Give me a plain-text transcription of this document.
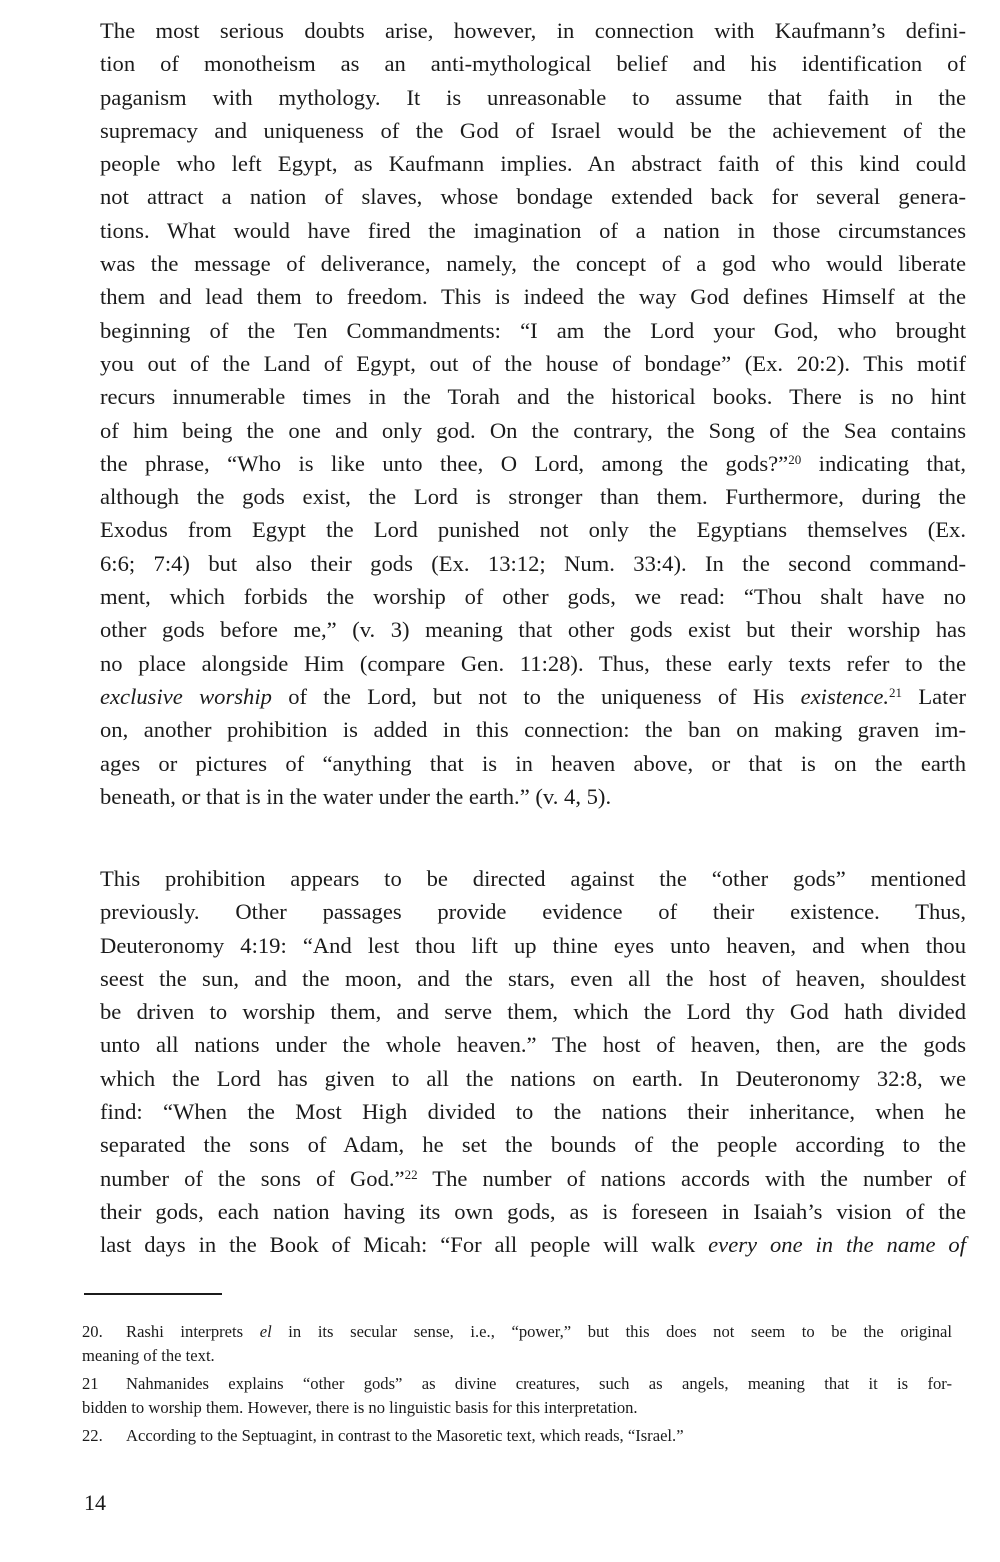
The most serious doubts arise, however, in connection with Kaufmann’s defini-
tion of monotheism as an anti-mythological belief and his identification of
paganism with mythology. It is unreasonable to assume that faith in the
supremacy and uniqueness of the God of Israel would be the achievement of the
people who left Egypt, as Kaufmann implies. An abstract faith of this kind could
not attract a nation of slaves, whose bondage extended back for several genera-
tions. What would have fired the imagination of a nation in those circumstances
was the message of deliverance, namely, the concept of a god who would liberate
them and lead them to freedom. This is indeed the way God defines Himself at the
beginning of the Ten Commandments: “I am the Lord your God, who brought
you out of the Land of Egypt, out of the house of bondage” (Ex. 20:2). This motif
recurs innumerable times in the Torah and the historical books. There is no hint
of him being the one and only god. On the contrary, the Song of the Sea contains
the phrase, “Who is like unto thee, O Lord, among the gods?”$^{20}$ indicating that,
although the gods exist, the Lord is stronger than them. Furthermore, during the
Exodus from Egypt the Lord punished not only the Egyptians themselves (Ex.
6:6; 7:4) but also their gods (Ex. 13:12; Num. 33:4). In the second command-
ment, which forbids the worship of other gods, we read: “Thou shalt have no
other gods before me,” (v. 3) meaning that other gods exist but their worship has
no place alongside Him (compare Gen. 11:28). Thus, these early texts refer to the
exclusive worship of the Lord, but not to the uniqueness of His existence.$^{21}$ Later
on, another prohibition is added in this connection: the ban on making graven im-
ages or pictures of “anything that is in heaven above, or that is on the earth
beneath, or that is in the water under the earth.” (v. 4, 5).
This prohibition appears to be directed against the “other gods” mentioned
previously. Other passages provide evidence of their existence. Thus,
Deuteronomy 4:19: “And lest thou lift up thine eyes unto heaven, and when thou
seest the sun, and the moon, and the stars, even all the host of heaven, shouldest
be driven to worship them, and serve them, which the Lord thy God hath divided
unto all nations under the whole heaven.” The host of heaven, then, are the gods
which the Lord has given to all the nations on earth. In Deuteronomy 32:8, we
find: “When the Most High divided to the nations their inheritance, when he
separated the sons of Adam, he set the bounds of the people according to the
number of the sons of God.”$^{22}$ The number of nations accords with the number of
their gods, each nation having its own gods, as is foreseen in Isaiah’s vision of the
last days in the Book of Micah: “For all people will walk every one in the name of
20. Rashi interprets el in its secular sense, i.e., “power,” but this does not seem to be the original
meaning of the text.
21 Nahmanides explains “other gods” as divine creatures, such as angels, meaning that it is for-
bidden to worship them. However, there is no linguistic basis for this interpretation.
22. According to the Septuagint, in contrast to the Masoretic text, which reads, “Israel.”
14
